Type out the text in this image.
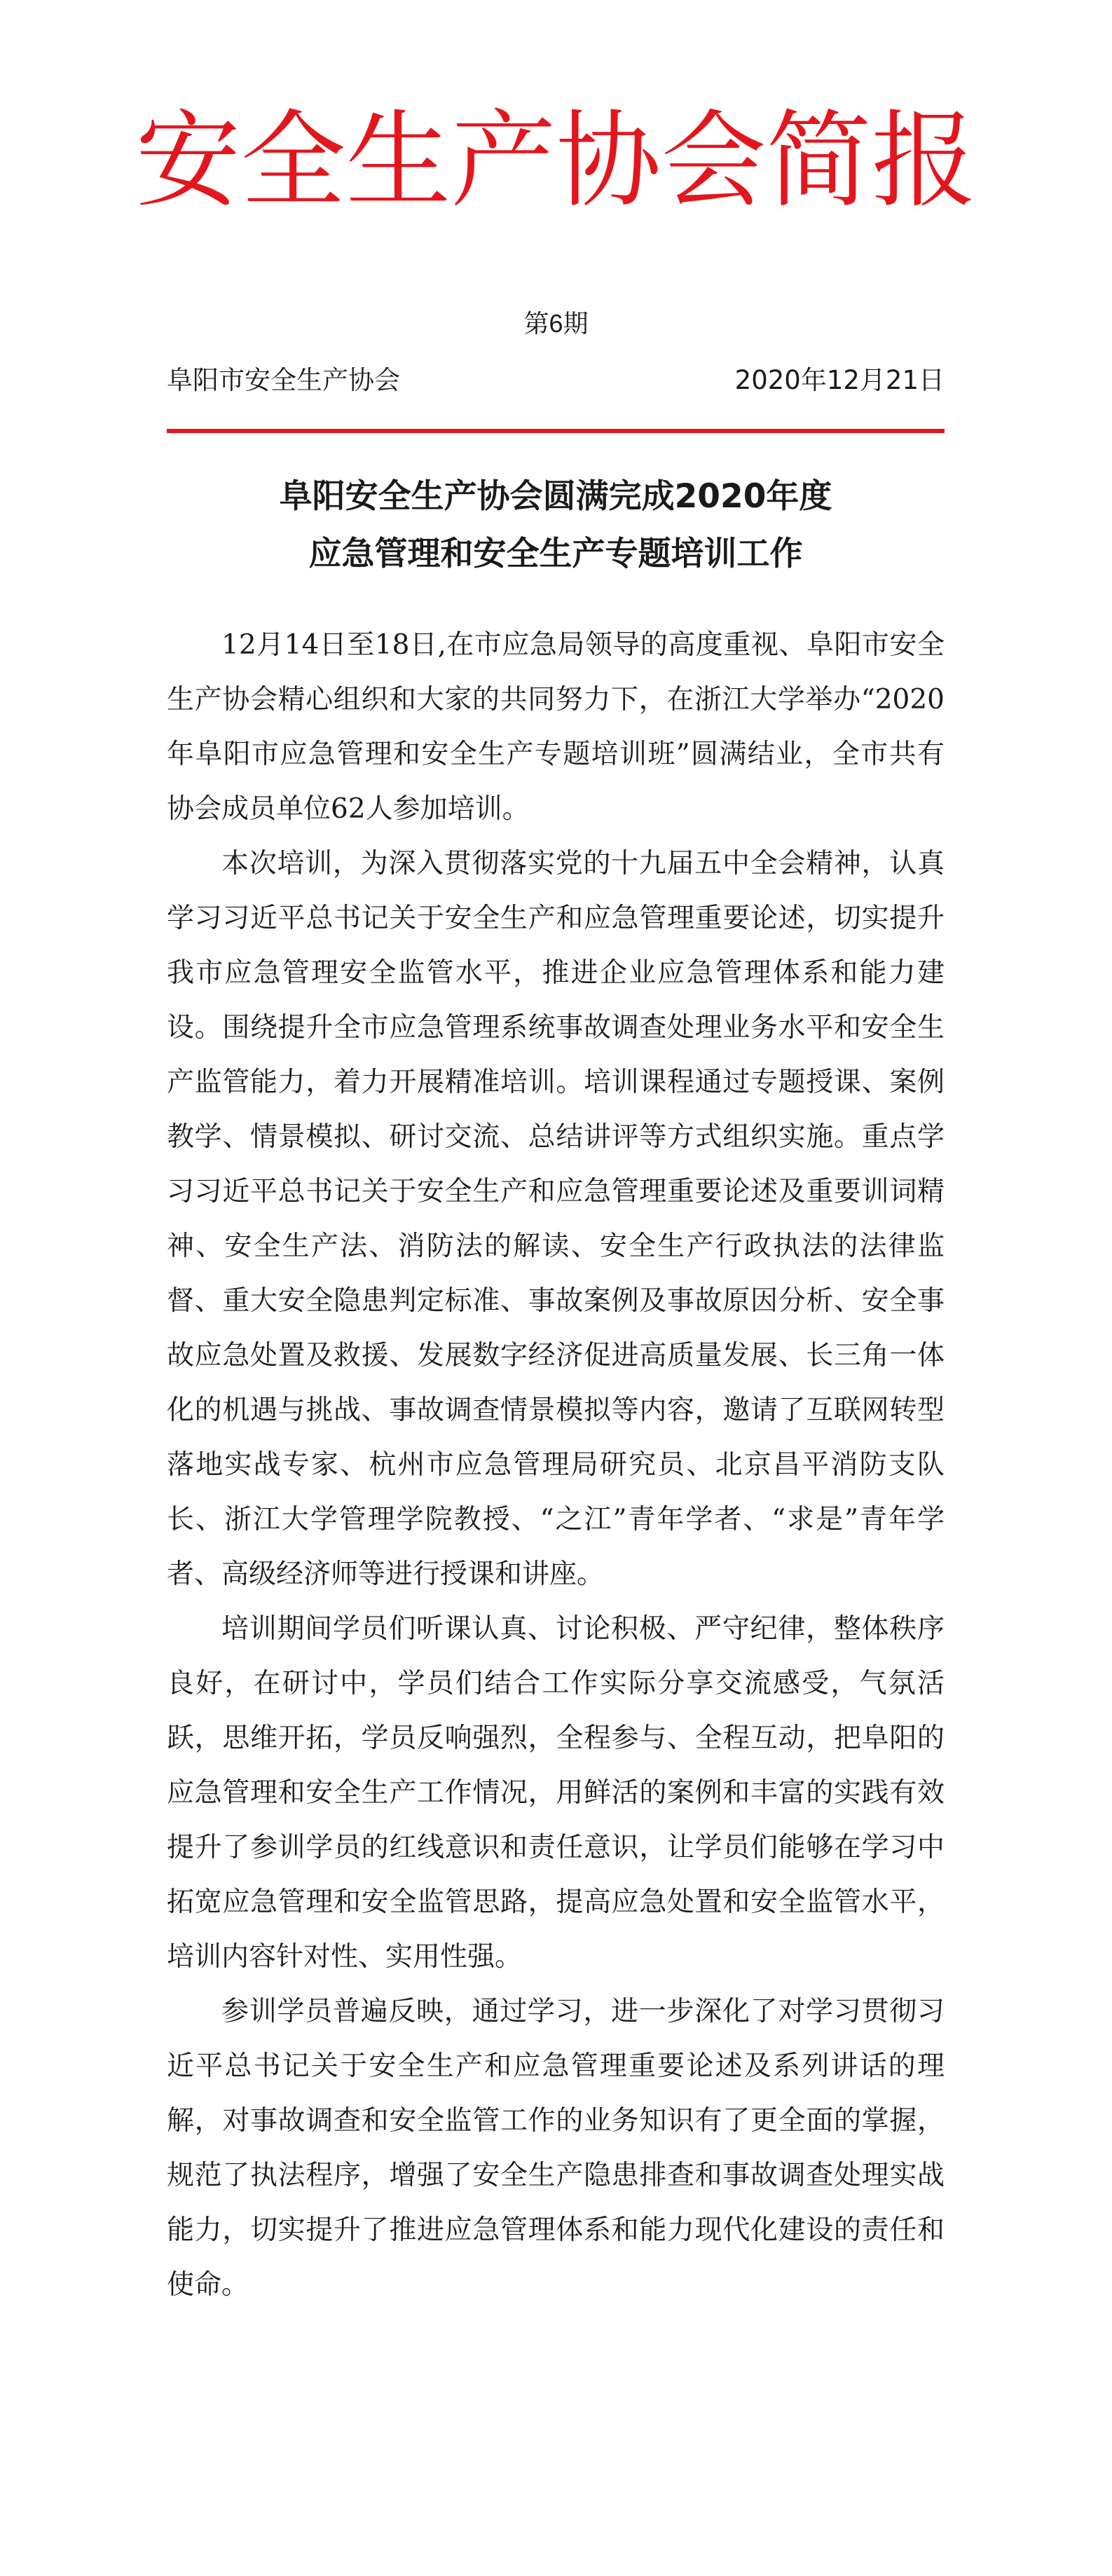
安全生产协会简报
第6期
阜阳市安全生产协会	2020年12月21日
阜阳安全生产协会圆满完成2020年度
应急管理和安全生产专题培训工作

12月14日至18日,在市应急局领导的高度重视、阜阳市安全生产协会精心组织和大家的共同努力下，在浙江大学举办“2020年阜阳市应急管理和安全生产专题培训班”圆满结业，全市共有协会成员单位62人参加培训。

本次培训，为深入贯彻落实党的十九届五中全会精神，认真学习习近平总书记关于安全生产和应急管理重要论述，切实提升我市应急管理安全监管水平，推进企业应急管理体系和能力建设。围绕提升全市应急管理系统事故调查处理业务水平和安全生产监管能力，着力开展精准培训。培训课程通过专题授课、案例教学、情景模拟、研讨交流、总结讲评等方式组织实施。重点学习习近平总书记关于安全生产和应急管理重要论述及重要训词精神、安全生产法、消防法的解读、安全生产行政执法的法律监督、重大安全隐患判定标准、事故案例及事故原因分析、安全事故应急处置及救援、发展数字经济促进高质量发展、长三角一体化的机遇与挑战、事故调查情景模拟等内容，邀请了互联网转型落地实战专家、杭州市应急管理局研究员、北京昌平消防支队长、浙江大学管理学院教授、“之江”青年学者、“求是”青年学者、高级经济师等进行授课和讲座。

培训期间学员们听课认真、讨论积极、严守纪律，整体秩序良好，在研讨中，学员们结合工作实际分享交流感受，气氛活跃，思维开拓，学员反响强烈，全程参与、全程互动，把阜阳的应急管理和安全生产工作情况，用鲜活的案例和丰富的实践有效提升了参训学员的红线意识和责任意识，让学员们能够在学习中拓宽应急管理和安全监管思路，提高应急处置和安全监管水平，培训内容针对性、实用性强。

参训学员普遍反映，通过学习，进一步深化了对学习贯彻习近平总书记关于安全生产和应急管理重要论述及系列讲话的理解，对事故调查和安全监管工作的业务知识有了更全面的掌握，规范了执法程序，增强了安全生产隐患排查和事故调查处理实战能力，切实提升了推进应急管理体系和能力现代化建设的责任和使命。
